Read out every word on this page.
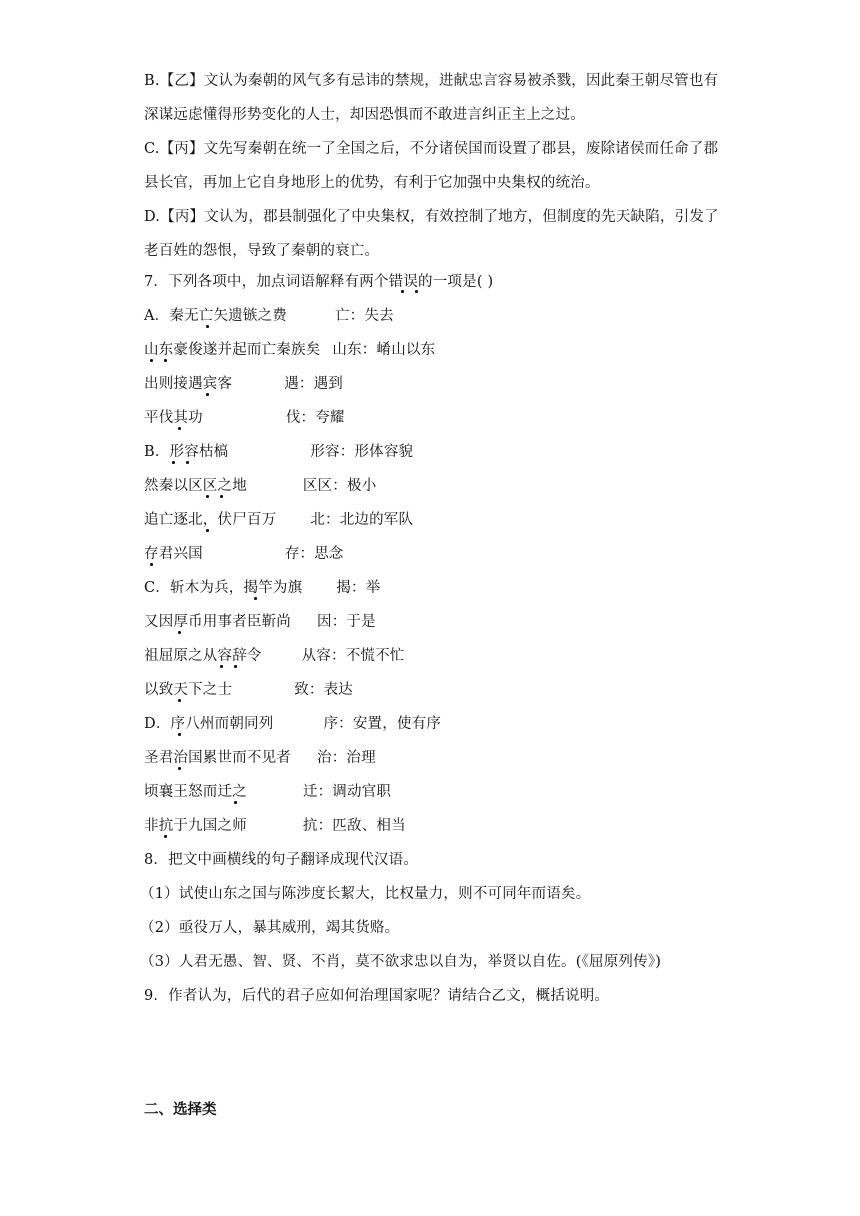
B.【乙】文认为秦朝的风气多有忌讳的禁规，进献忠言容易被杀戮，因此秦王朝尽管也有深谋远虑懂得形势变化的人士，却因恐惧而不敢进言纠正主上之过。
C.【丙】文先写秦朝在统一了全国之后，不分诸侯国而设置了郡县，废除诸侯而任命了郡县长官，再加上它自身地形上的优势，有利于它加强中央集权的统治。
D.【丙】文认为，郡县制强化了中央集权，有效控制了地方，但制度的先天缺陷，引发了老百姓的怨恨，导致了秦朝的衰亡。
7．下列各项中，加点词语解释有两个错误的一项是( )
A．秦无亡矢遗镞之费	亡：失去
山东豪俊遂并起而亡秦族矣 山东：崤山以东
出则接遇宾客	遇：遇到
平伐其功	伐：夸耀
B．形容枯槁	形容：形体容貌
然秦以区区之地	区区：极小
追亡逐北，伏尸百万 北：北边的军队
存君兴国	存：思念
C．斩木为兵，揭竿为旗 揭：举
又因厚币用事者臣靳尚 因：于是
祖屈原之从容辞令	从容：不慌不忙
以致天下之士	致：表达
D．序八州而朝同列	序：安置，使有序
圣君治国累世而不见者 治：治理
顷襄王怒而迁之	迁：调动官职
非抗于九国之师	抗：匹敌、相当
8．把文中画横线的句子翻译成现代汉语。
（1）试使山东之国与陈涉度长絜大，比权量力，则不可同年而语矣。
（2）亟役万人，暴其威刑，竭其货赂。
（3）人君无愚、智、贤、不肖，莫不欲求忠以自为，举贤以自佐。(《屈原列传》)
9．作者认为，后代的君子应如何治理国家呢？请结合乙文，概括说明。
二、选择类
